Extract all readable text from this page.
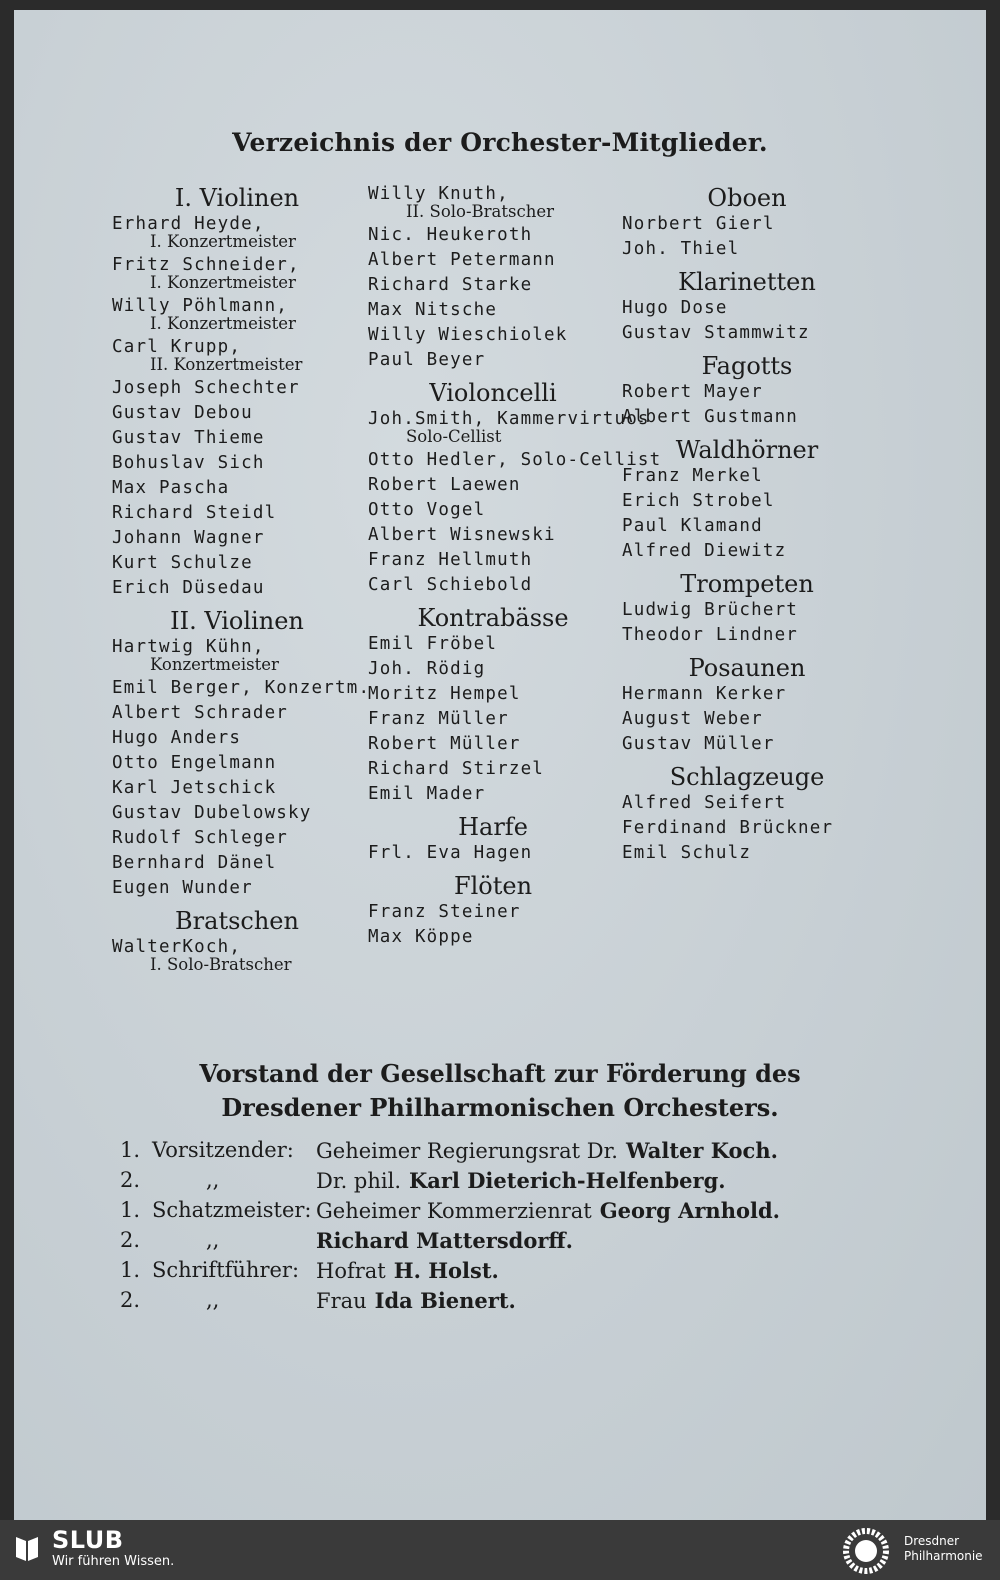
Verzeichnis der Orchester-Mitglieder.
I. Violinen
Erhard Heyde,
I. Konzertmeister
Fritz Schneider,
I. Konzertmeister
Willy Pöhlmann,
I. Konzertmeister
Carl Krupp,
II. Konzertmeister
Joseph Schechter
Gustav Debou
Gustav Thieme
Bohuslav Sich
Max Pascha
Richard Steidl
Johann Wagner
Kurt Schulze
Erich Düsedau
II. Violinen
Hartwig Kühn,
Konzertmeister
Emil Berger, Konzertm.
Albert Schrader
Hugo Anders
Otto Engelmann
Karl Jetschick
Gustav Dubelowsky
Rudolf Schleger
Bernhard Dänel
Eugen Wunder
Bratschen
WalterKoch,
I. Solo-Bratscher
Willy Knuth,
II. Solo-Bratscher
Nic. Heukeroth
Albert Petermann
Richard Starke
Max Nitsche
Willy Wieschiolek
Paul Beyer
Violoncelli
Joh.Smith, Kammervirtuos
Solo-Cellist
Otto Hedler, Solo-Cellist
Robert Laewen
Otto Vogel
Albert Wisnewski
Franz Hellmuth
Carl Schiebold
Kontrabässe
Emil Fröbel
Joh. Rödig
Moritz Hempel
Franz Müller
Robert Müller
Richard Stirzel
Emil Mader
Harfe
Frl. Eva Hagen
Flöten
Franz Steiner
Max Köppe
Oboen
Norbert Gierl
Joh. Thiel
Klarinetten
Hugo Dose
Gustav Stammwitz
Fagotts
Robert Mayer
Albert Gustmann
Waldhörner
Franz Merkel
Erich Strobel
Paul Klamand
Alfred Diewitz
Trompeten
Ludwig Brüchert
Theodor Lindner
Posaunen
Hermann Kerker
August Weber
Gustav Müller
Schlagzeuge
Alfred Seifert
Ferdinand Brückner
Emil Schulz
Vorstand der Gesellschaft zur Förderung des
Dresdener Philharmonischen Orchesters.
1. Vorsitzender: Geheimer Regierungsrat Dr. Walter Koch.
2.	,,	Dr. phil. Karl Dieterich-Helfenberg.
1. Schatzmeister: Geheimer Kommerzienrat Georg Arnhold.
2.	,,	Richard Mattersdorff.
1. Schriftführer: Hofrat H. Holst.
2.	,,	Frau Ida Bienert.
SLUB
Wir führen Wissen.
Dresdner
Philharmonie
